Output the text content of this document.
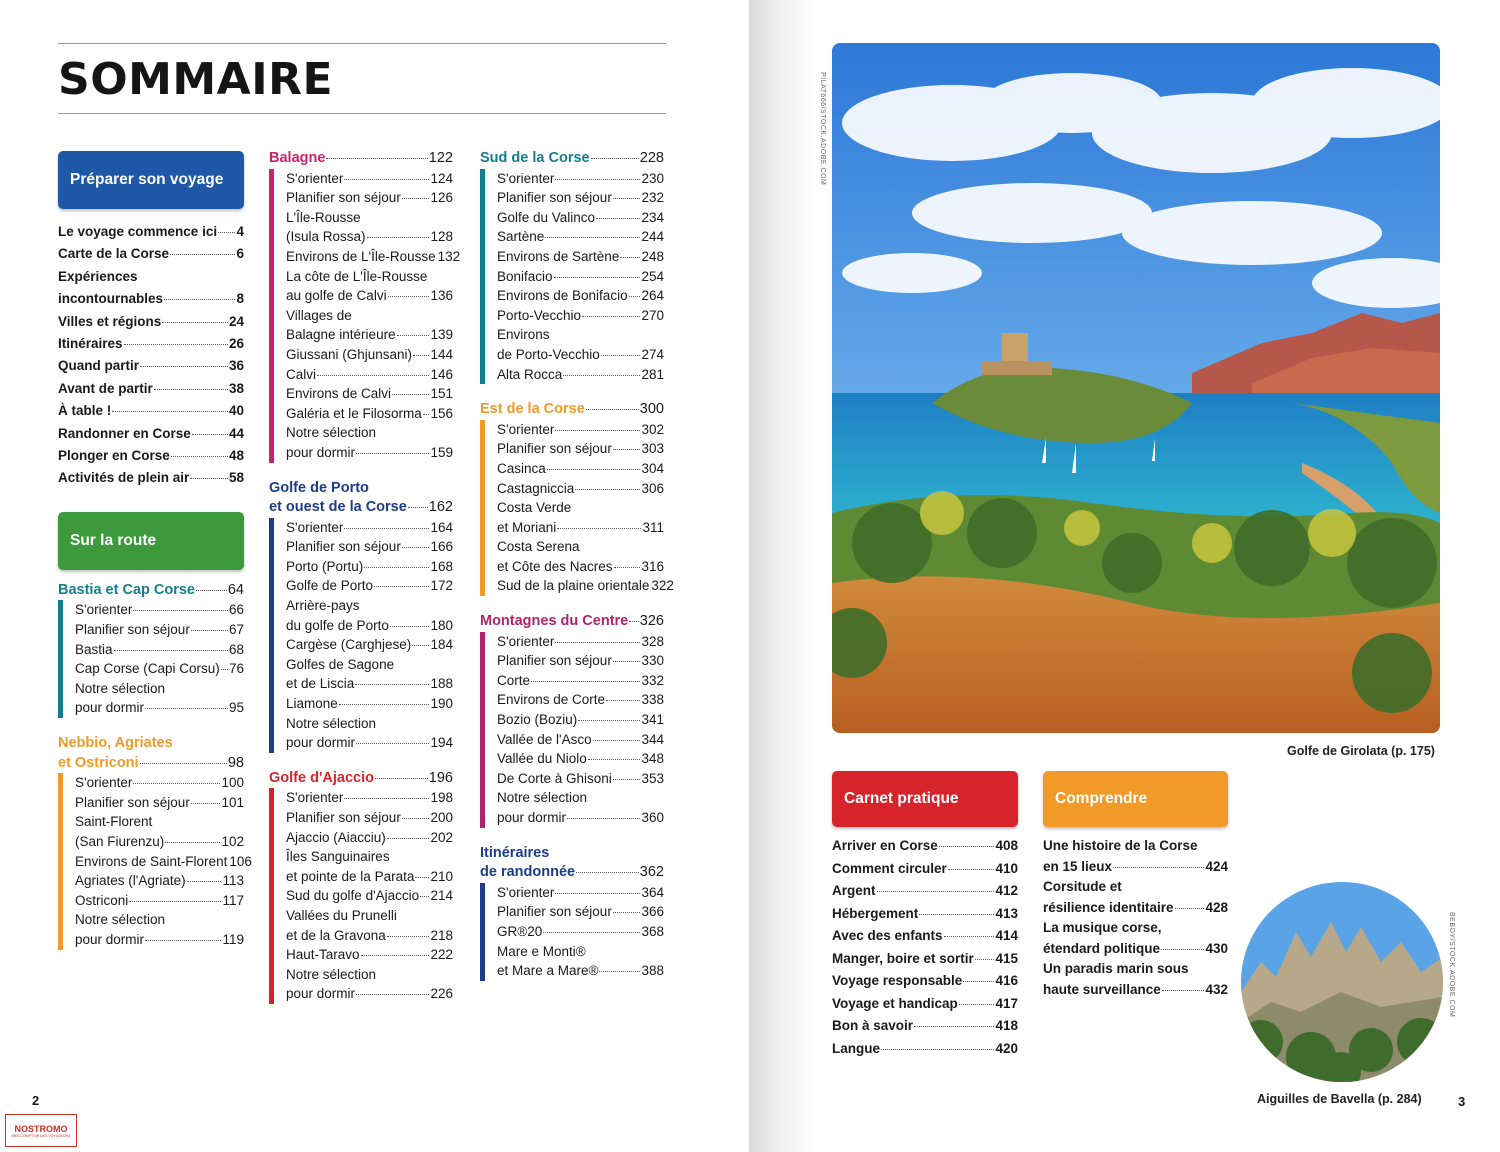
SOMMAIRE
Préparer son voyage
Le voyage commence ici 4
Carte de la Corse	6
Expériences
incontournables	8
Villes et régions	24
Itinéraires	26
Quand partir	36
Avant de partir	38
À table !	40
Randonner en Corse	44
Plonger en Corse	48
Activités de plein air	58
Sur la route
Bastia et Cap Corse 64
S'orienter	66
Planifier son séjour	67
Bastia	68
Cap Corse (Capi Corsu) 76
Notre sélection
pour dormir	95
Nebbio, Agriates
et Ostriconi	98
S'orienter	100
Planifier son séjour 101
Saint-Florent
(San Fiurenzu)	102
Environs de Saint-Florent 106
Agriates (l'Agriate)	113
Ostriconi	117
Notre sélection
pour dormir	119
Balagne	122
S'orienter	124
Planifier son séjour 126
L'Île-Rousse
(Isula Rossa)	128
Environs de L'Île-Rousse 132
La côte de L'Île-Rousse
au golfe de Calvi	136
Villages de
Balagne intérieure	139
Giussani (Ghjunsani) 144
Calvi	146
Environs de Calvi	151
Galéria et le Filosorma 156
Notre sélection
pour dormir	159
Golfe de Porto
et ouest de la Corse 162
S'orienter	164
Planifier son séjour 166
Porto (Portu)	168
Golfe de Porto	172
Arrière-pays
du golfe de Porto	180
Cargèse (Carghjese) 184
Golfes de Sagone
et de Liscia	188
Liamone	190
Notre sélection
pour dormir	194
Golfe d'Ajaccio	196
S'orienter	198
Planifier son séjour 200
Ajaccio (Aiacciu)	202
Îles Sanguinaires
et pointe de la Parata 210
Sud du golfe d'Ajaccio 214
Vallées du Prunelli
et de la Gravona	218
Haut-Taravo	222
Notre sélection
pour dormir	226
Sud de la Corse	228
S'orienter	230
Planifier son séjour 232
Golfe du Valinco	234
Sartène	244
Environs de Sartène 248
Bonifacio	254
Environs de Bonifacio 264
Porto-Vecchio	270
Environs
de Porto-Vecchio	274
Alta Rocca	281
Est de la Corse	300
S'orienter	302
Planifier son séjour 303
Casinca	304
Castagniccia	306
Costa Verde
et Moriani	311
Costa Serena
et Côte des Nacres 316
Sud de la plaine orientale 322
Montagnes du Centre 326
S'orienter	328
Planifier son séjour 330
Corte	332
Environs de Corte	338
Bozio (Boziu)	341
Vallée de l'Asco	344
Vallée du Niolo	348
De Corte à Ghisoni 353
Notre sélection
pour dormir	360
Itinéraires
de randonnée	362
S'orienter	364
Planifier son séjour 366
GR®20	368
Mare e Monti®
et Mare a Mare®	388
2
NOSTROMO
WEB COMPTOIR DES VOYAGEURS
PILAT666/STOCK.ADOBE.COM
Golfe de Girolata (p. 175)
Carnet pratique
Arriver en Corse	408
Comment circuler	410
Argent	412
Hébergement	413
Avec des enfants	414
Manger, boire et sortir 415
Voyage responsable 416
Voyage et handicap	417
Bon à savoir	418
Langue	420
Comprendre
Une histoire de la Corse
en 15 lieux	424
Corsitude et
résilience identitaire 428
La musique corse,
étendard politique	430
Un paradis marin sous
haute surveillance	432	BEBOY/STOCK.ADOBE.COM
Aiguilles de Bavella (p. 284)	3
